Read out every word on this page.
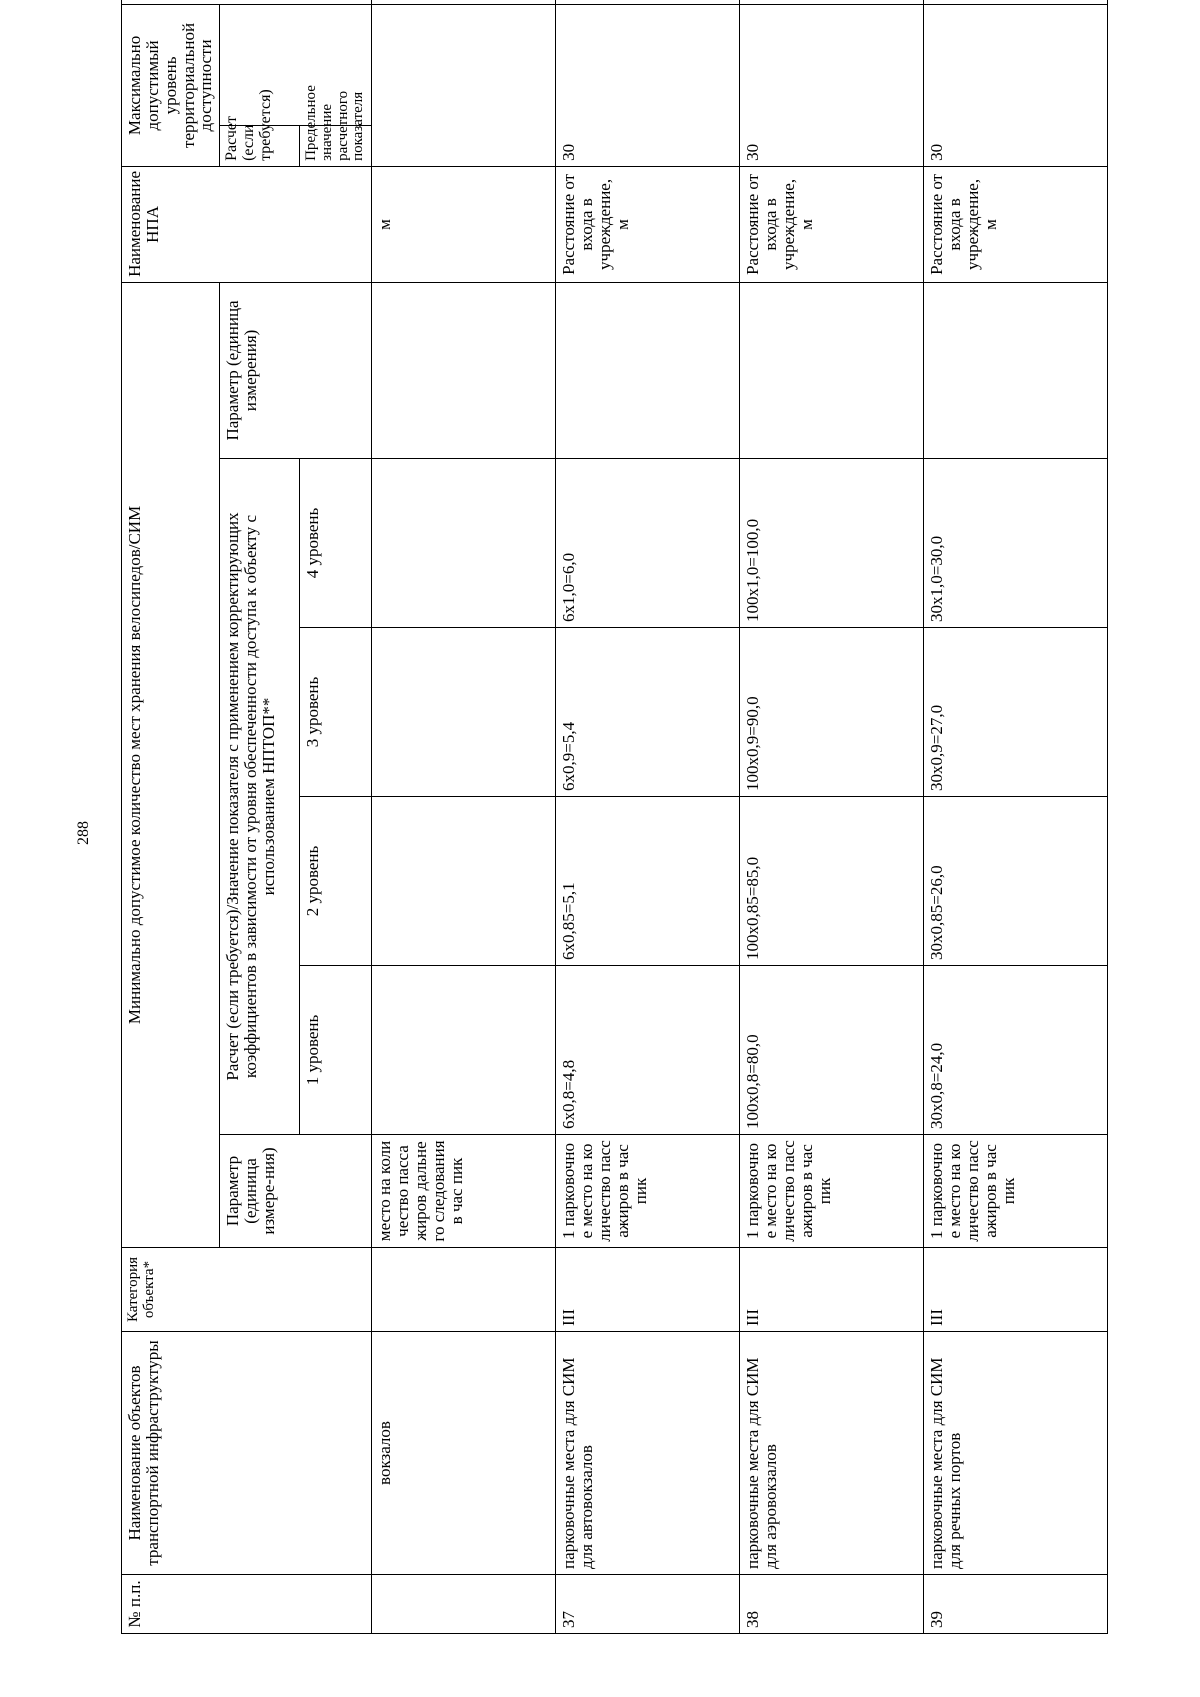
288
№ п.п.	Наименование объектов транспортной инфраструктуры	Категория объекта*	Минимально допустимое количество мест хранения велосипедов/СИМ						Наименование НПА	Максимально допустимый уровень территориальной доступности	
			Параметр (единица измере-ния)	Расчет (если требуется)/Значение показателя с применением корректирующих коэффициентов в зависимости от уровня обеспеченности доступа к объекту с использованием НПТОП**				Параметр (единица измерения)		Расчет (если требуется)	
				1 уровень	2 уровень	3 уровень	4 уровень			Предельное значение расчетного показателя	
	вокзалов		место на количество пассажиров дальнего следования в час пик						м		
37	парковочные места для СИМ для автовокзалов	III	1 парковочное место на количество пассажиров в час пик	6x0,8=4,8	6x0,85=5,1	6x0,9=5,4	6x1,0=6,0		Расстояние от входа в учреждение, м	30	
38	парковочные места для СИМ для аэровокзалов	III	1 парковочное место на количество пассажиров в час пик	100x0,8=80,0	100x0,85=85,0	100x0,9=90,0	100x1,0=100,0		Расстояние от входа в учреждение, м	30	
39	парковочные места для СИМ для речных портов	III	1 парковочное место на количество пассажиров в час пик	30x0,8=24,0	30x0,85=26,0	30x0,9=27,0	30x1,0=30,0		Расстояние от входа в учреждение, м	30	
